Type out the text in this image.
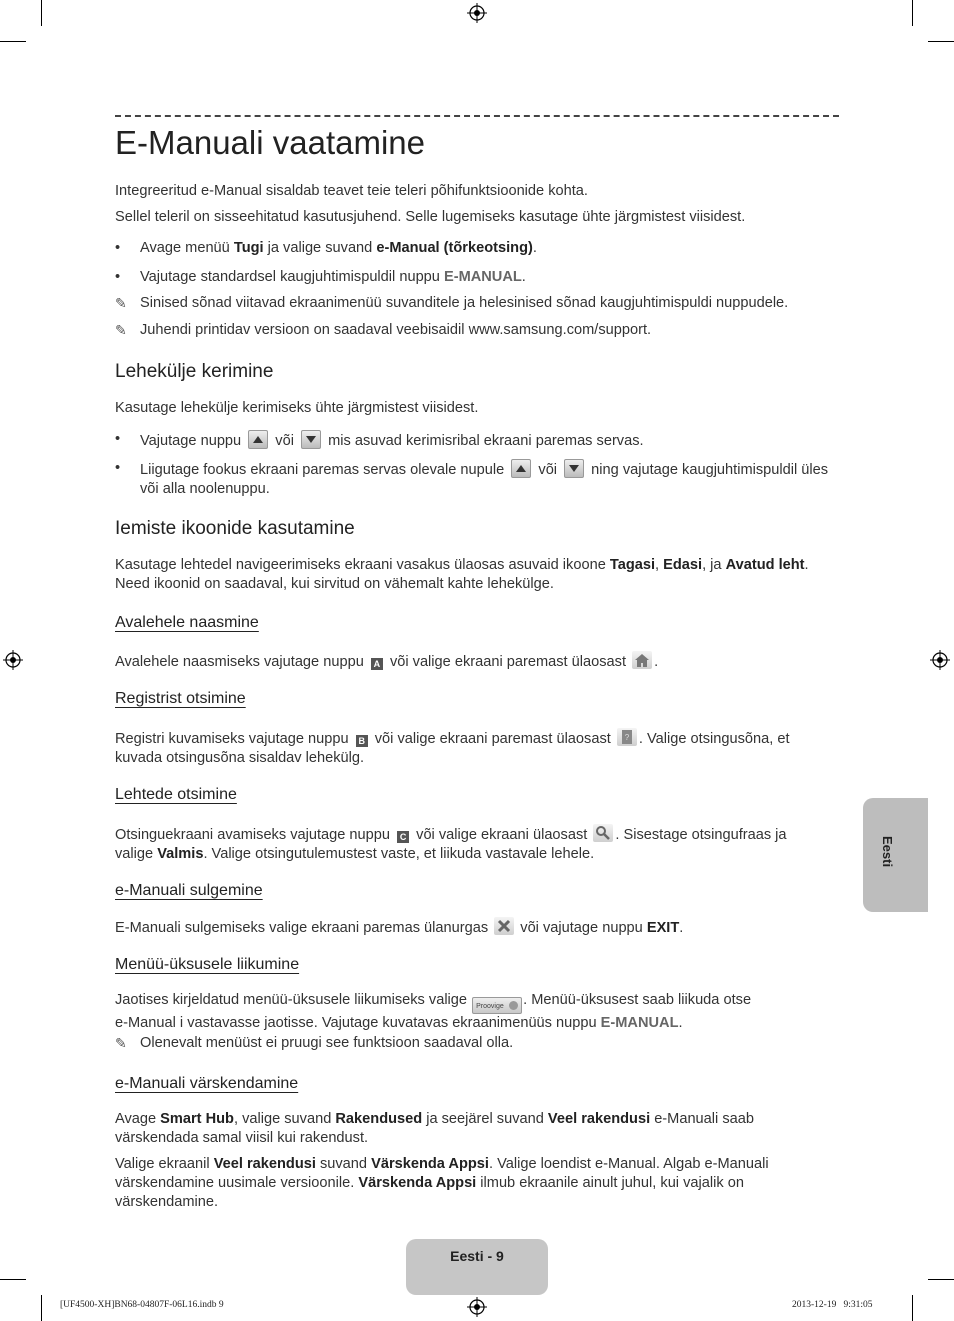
E-Manuali vaatamine
Integreeritud e-Manual sisaldab teavet teie teleri põhifunktsioonide kohta.
Sellel teleril on sisseehitatud kasutusjuhend. Selle lugemiseks kasutage ühte järgmistest viisidest.
•	Avage menüü Tugi ja valige suvand e-Manual (tõrkeotsing).
•	Vajutage standardsel kaugjuhtimispuldil nuppu E-MANUAL.
✎ Sinised sõnad viitavad ekraanimenüü suvanditele ja helesinised sõnad kaugjuhtimispuldi nuppudele.
✎ Juhendi printidav versioon on saadaval veebisaidil www.samsung.com/support.
Lehekülje kerimine
Kasutage lehekülje kerimiseks ühte järgmistest viisidest.
•	Vajutage nuppu või mis asuvad kerimisribal ekraani paremas servas.
•	Liigutage fookus ekraani paremas servas olevale nupule või ning vajutage kaugjuhtimispuldil üles
või alla noolenuppu.
Iemiste ikoonide kasutamine
Kasutage lehtedel navigeerimiseks ekraani vasakus ülaosas asuvaid ikoone Tagasi, Edasi, ja Avatud leht.
Need ikoonid on saadaval, kui sirvitud on vähemalt kahte lehekülge.
Avalehele naasmine
Avalehele naasmiseks vajutage nuppu A või valige ekraani paremast ülaosast .
Registrist otsimine
Registri kuvamiseks vajutage nuppu B või valige ekraani paremast ülaosast ? . Valige otsingusõna, et
kuvada otsingusõna sisaldav lehekülg.
Lehtede otsimine
Otsinguekraani avamiseks vajutage nuppu C või valige ekraani ülaosast . Sisestage otsingufraas ja
valige Valmis. Valige otsingutulemustest vaste, et liikuda vastavale lehele.
e-Manuali sulgemine
E-Manuali sulgemiseks valige ekraani paremas ülanurgas või vajutage nuppu EXIT.
Menüü-üksusele liikumine
Jaotises kirjeldatud menüü-üksusele liikumiseks valige Proovige . Menüü-üksusest saab liikuda otse
e-Manual i vastavasse jaotisse. Vajutage kuvatavas ekraanimenüüs nuppu E-MANUAL.
✎ Olenevalt menüüst ei pruugi see funktsioon saadaval olla.
e-Manuali värskendamine
Avage Smart Hub, valige suvand Rakendused ja seejärel suvand Veel rakendusi e-Manuali saab
värskendada samal viisil kui rakendust.
Valige ekraanil Veel rakendusi suvand Värskenda Appsi. Valige loendist e-Manual. Algab e-Manuali
värskendamine uusimale versioonile. Värskenda Appsi ilmub ekraanile ainult juhul, kui vajalik on
värskendamine.
Eesti
Eesti - 9
[UF4500-XH]BN68-04807F-06L16.indb 9	2013-12-19   9:31:05
